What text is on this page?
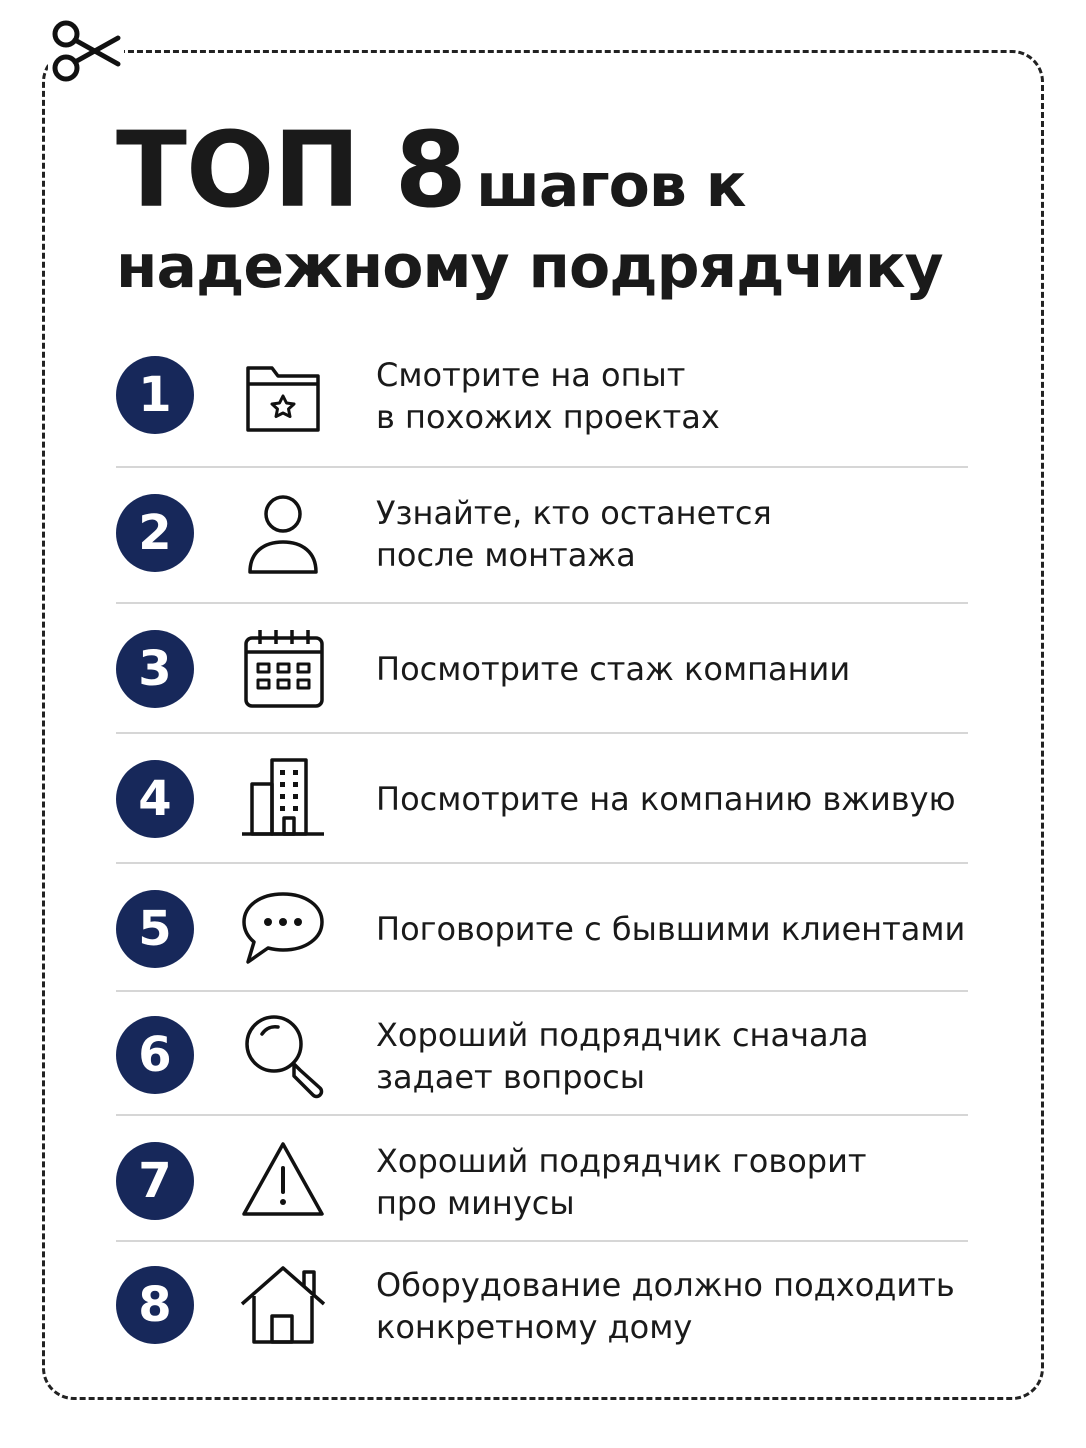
ТОП 8 шагов к
надежному подрядчику
1	Смотрите на опыт
в похожих проектах
2	Узнайте, кто останется
после монтажа
3	Посмотрите стаж компании
4	Посмотрите на компанию вживую
5	Поговорите с бывшими клиентами
6	Хороший подрядчик сначала
задает вопросы
7	Хороший подрядчик говорит
про минусы
8	Оборудование должно подходить
конкретному дому
